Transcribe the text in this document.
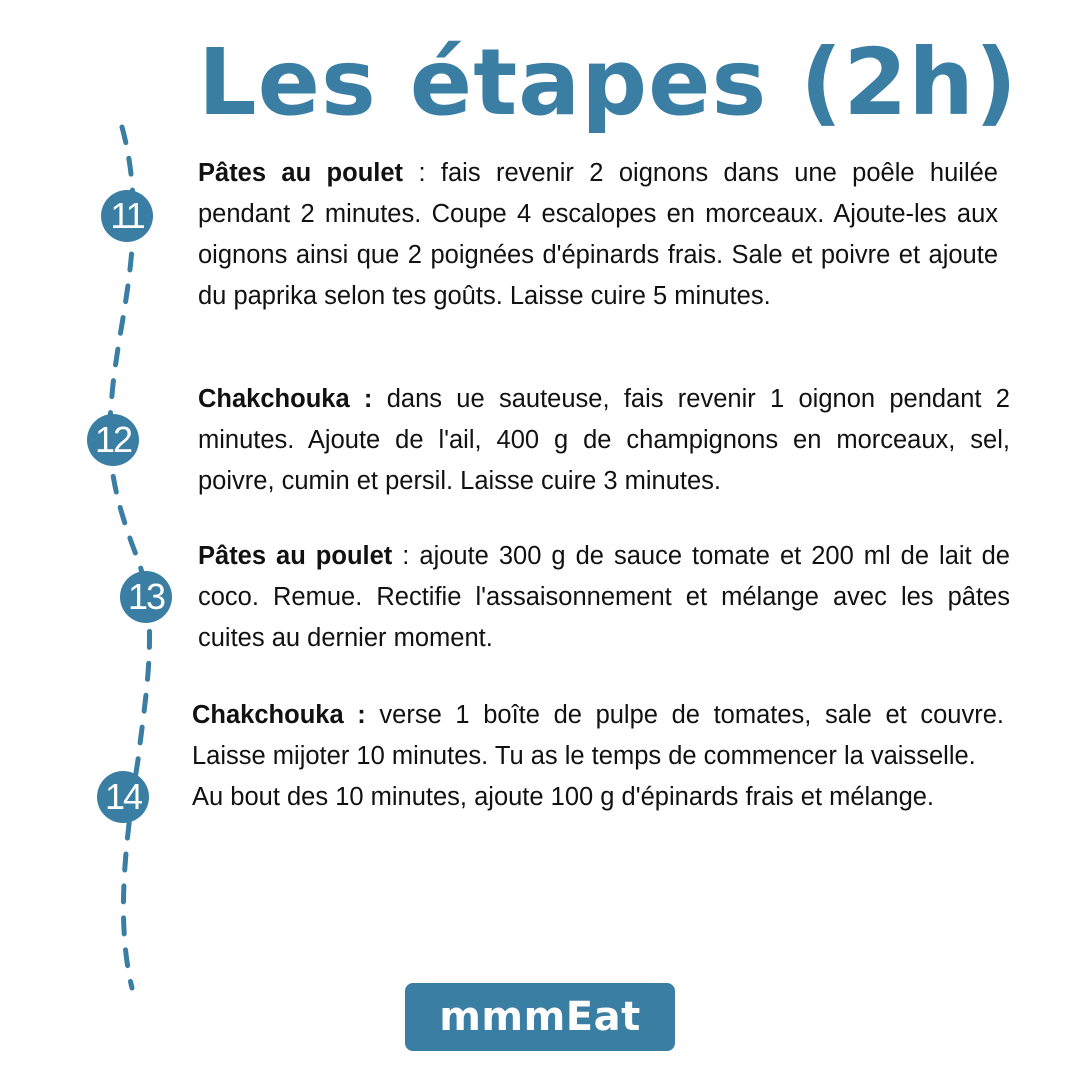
Les étapes (2h)
11
12
13
14

Pâtes au poulet : fais revenir 2 oignons dans une poêle huilée pendant 2 minutes. Coupe 4 escalopes en morceaux. Ajoute-les aux oignons ainsi que 2 poignées d'épinards frais. Sale et poivre et ajoute du paprika selon tes goûts. Laisse cuire 5 minutes.

Chakchouka : dans ue sauteuse, fais revenir 1 oignon pendant 2 minutes. Ajoute de l'ail, 400 g de champignons en morceaux, sel, poivre, cumin et persil. Laisse cuire 3 minutes.

Pâtes au poulet : ajoute 300 g de sauce tomate et 200 ml de lait de coco. Remue. Rectifie l'assaisonnement et mélange avec les pâtes cuites au dernier moment.

Chakchouka : verse 1 boîte de pulpe de tomates, sale et couvre. Laisse mijoter 10 minutes. Tu as le temps de commencer la vaisselle.

Au bout des 10 minutes, ajoute 100 g d'épinards frais et mélange.

mmmEat
